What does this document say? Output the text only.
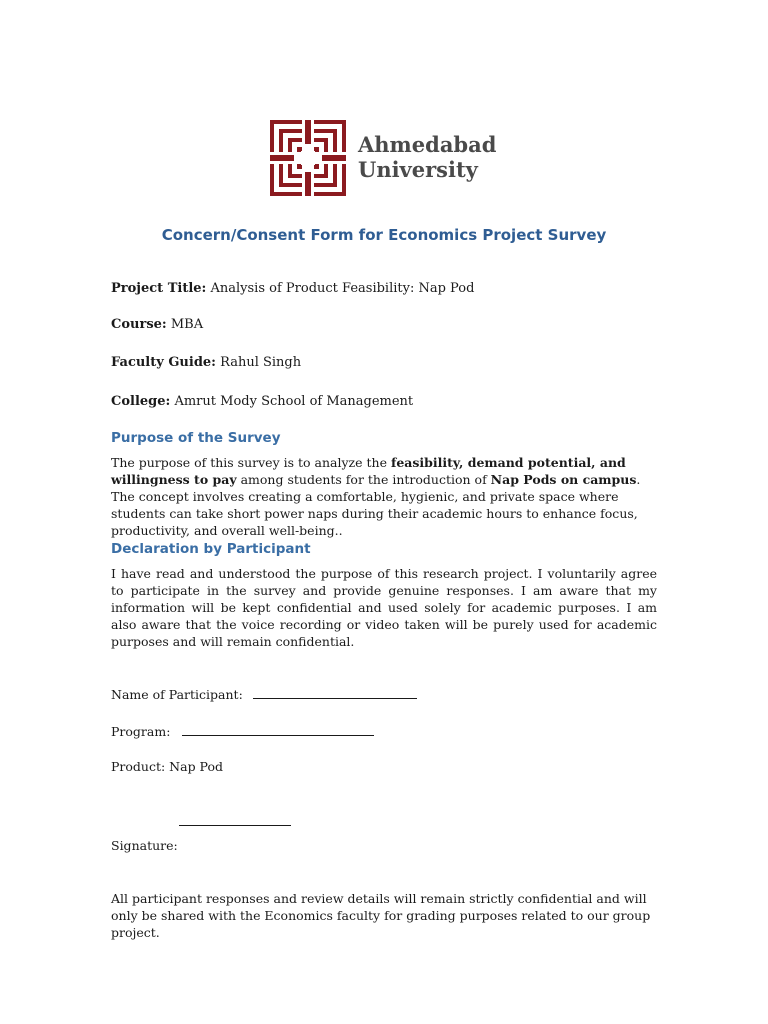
Ahmedabad
University
Concern/Consent Form for Economics Project Survey
Project Title: Analysis of Product Feasibility: Nap Pod
Course: MBA
Faculty Guide: Rahul Singh
College: Amrut Mody School of Management
Purpose of the Survey
The purpose of this survey is to analyze the feasibility, demand potential, and willingness to pay among students for the introduction of Nap Pods on campus. The concept involves creating a comfortable, hygienic, and private space where students can take short power naps during their academic hours to enhance focus, productivity, and overall well-being..
Declaration by Participant
I have read and understood the purpose of this research project. I voluntarily agree to participate in the survey and provide genuine responses. I am aware that my information will be kept confidential and used solely for academic purposes. I am also aware that the voice recording or video taken will be purely used for academic purposes and will remain confidential.
Name of Participant:
Program:
Product: Nap Pod
Signature:
All participant responses and review details will remain strictly confidential and will only be shared with the Economics faculty for grading purposes related to our group project.
